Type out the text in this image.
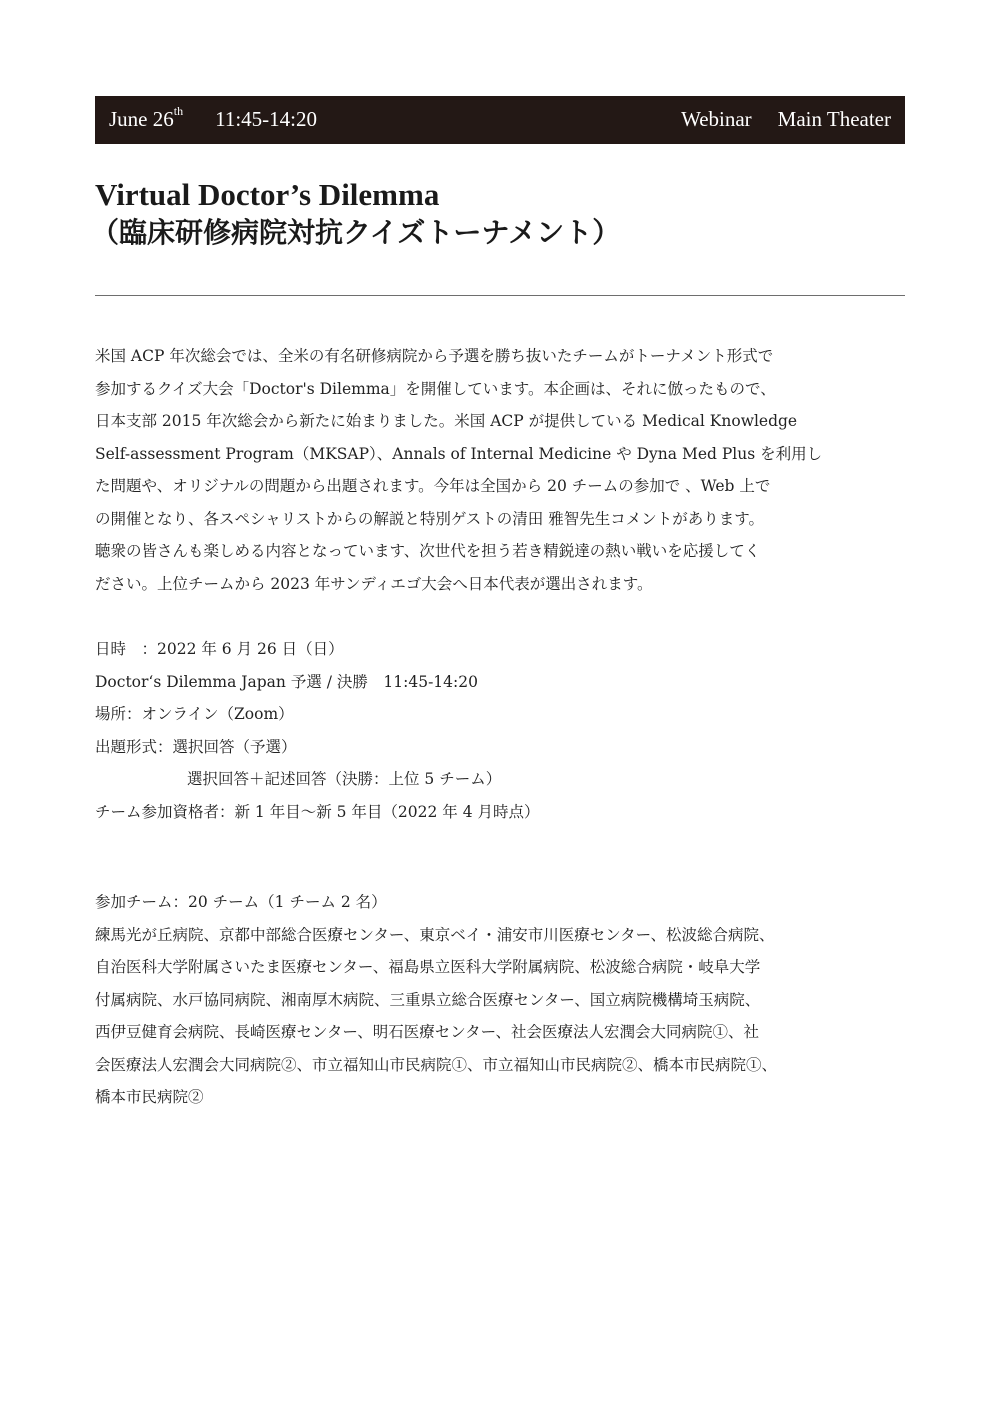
June 26th 11:45-14:20	Webinar Main Theater
Virtual Doctor’s Dilemma
（臨床研修病院対抗クイズトーナメント）
米国 ACP 年次総会では、全米の有名研修病院から予選を勝ち抜いたチームがトーナメント形式で
参加するクイズ大会「Doctor's Dilemma」を開催しています。本企画は、それに倣ったもので、
日本支部 2015 年次総会から新たに始まりました。米国 ACP が提供している Medical Knowledge
Self-assessment Program（MKSAP）、Annals of Internal Medicine や Dyna Med Plus を利用し
た問題や、オリジナルの問題から出題されます。今年は全国から 20 チームの参加で 、Web 上で
の開催となり、各スペシャリストからの解説と特別ゲストの清田 雅智先生コメントがあります。
聴衆の皆さんも楽しめる内容となっています、次世代を担う若き精鋭達の熱い戦いを応援してく
ださい。上位チームから 2023 年サンディエゴ大会へ日本代表が選出されます。
日時　：2022 年 6 月 26 日（日）
Doctor‘s Dilemma Japan 予選 / 決勝　11:45-14:20
場所：オンライン（Zoom）
出題形式：選択回答（予選）
選択回答＋記述回答（決勝：上位 5 チーム）
チーム参加資格者：新 1 年目〜新 5 年目（2022 年 4 月時点）
参加チーム：20 チーム（1 チーム 2 名）
練馬光が丘病院、京都中部総合医療センター、東京ベイ・浦安市川医療センター、松波総合病院、
自治医科大学附属さいたま医療センター、福島県立医科大学附属病院、松波総合病院・岐阜大学
付属病院、水戸協同病院、湘南厚木病院、三重県立総合医療センター、国立病院機構埼玉病院、
西伊豆健育会病院、長崎医療センター、明石医療センター、社会医療法人宏潤会大同病院①、社
会医療法人宏潤会大同病院②、市立福知山市民病院①、市立福知山市民病院②、橋本市民病院①、
橋本市民病院②
